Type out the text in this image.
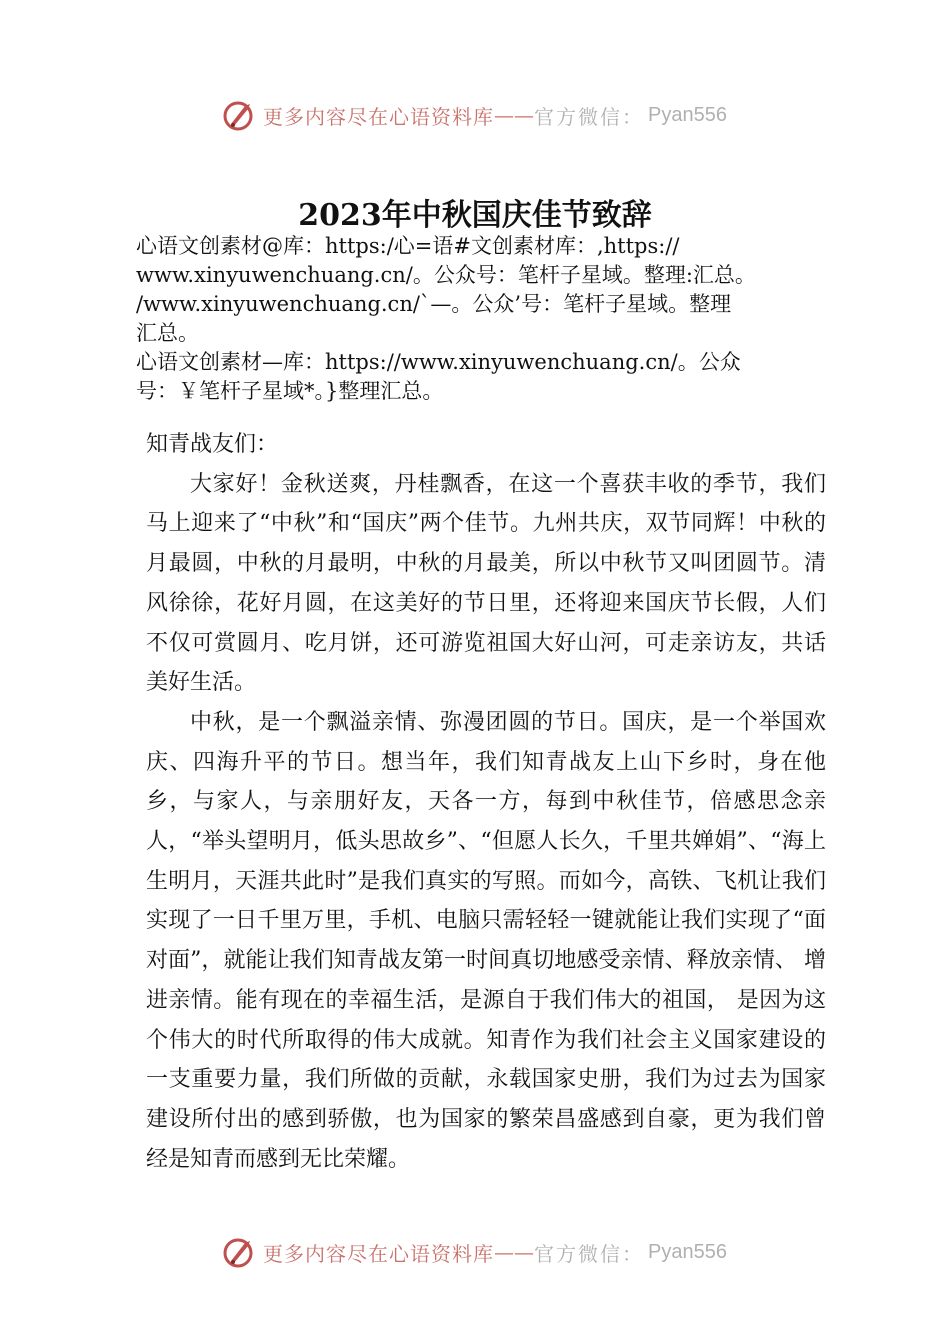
更多内容尽在心语资料库 —— 官方微信： Pyan556
2023年中秋国庆佳节致辞
心语文创素材@库：https:/心=语#文创素材库：,https://
www.xinyuwenchuang.cn/。公众号：笔杆子星域。整理:汇总。
/www.xinyuwenchuang.cn/`—。公众’号：笔杆子星域。整理
汇总。
心语文创素材—库：https://www.xinyuwenchuang.cn/。公众
号：￥笔杆子星域*。}整理汇总。

知青战友们：

大家好！金秋送爽，丹桂飘香，在这一个喜获丰收的季节，我们马上迎来了“中秋”和“国庆”两个佳节。九州共庆，双节同辉！中秋的月最圆，中秋的月最明，中秋的月最美，所以中秋节又叫团圆节。清风徐徐，花好月圆，在这美好的节日里，还将迎来国庆节长假，人们不仅可赏圆月、吃月饼，还可游览祖国大好山河，可走亲访友，共话美好生活。

中秋，是一个飘溢亲情、弥漫团圆的节日。国庆，是一个举国欢庆、四海升平的节日。想当年，我们知青战友上山下乡时，身在他乡，与家人，与亲朋好友，天各一方，每到中秋佳节，倍感思念亲人，“举头望明月，低头思故乡”、“但愿人长久，千里共婵娟”、“海上生明月，天涯共此时”是我们真实的写照。而如今，高铁、飞机让我们实现了一日千里万里，手机、电脑只需轻轻一键就能让我们实现了“面对面”，就能让我们知青战友第一时间真切地感受亲情、释放亲情、 增进亲情。能有现在的幸福生活，是源自于我们伟大的祖国， 是因为这个伟大的时代所取得的伟大成就。知青作为我们社会主义国家建设的一支重要力量，我们所做的贡献，永载国家史册，我们为过去为国家建设所付出的感到骄傲，也为国家的繁荣昌盛感到自豪，更为我们曾经是知青而感到无比荣耀。

更多内容尽在心语资料库 —— 官方微信： Pyan556
